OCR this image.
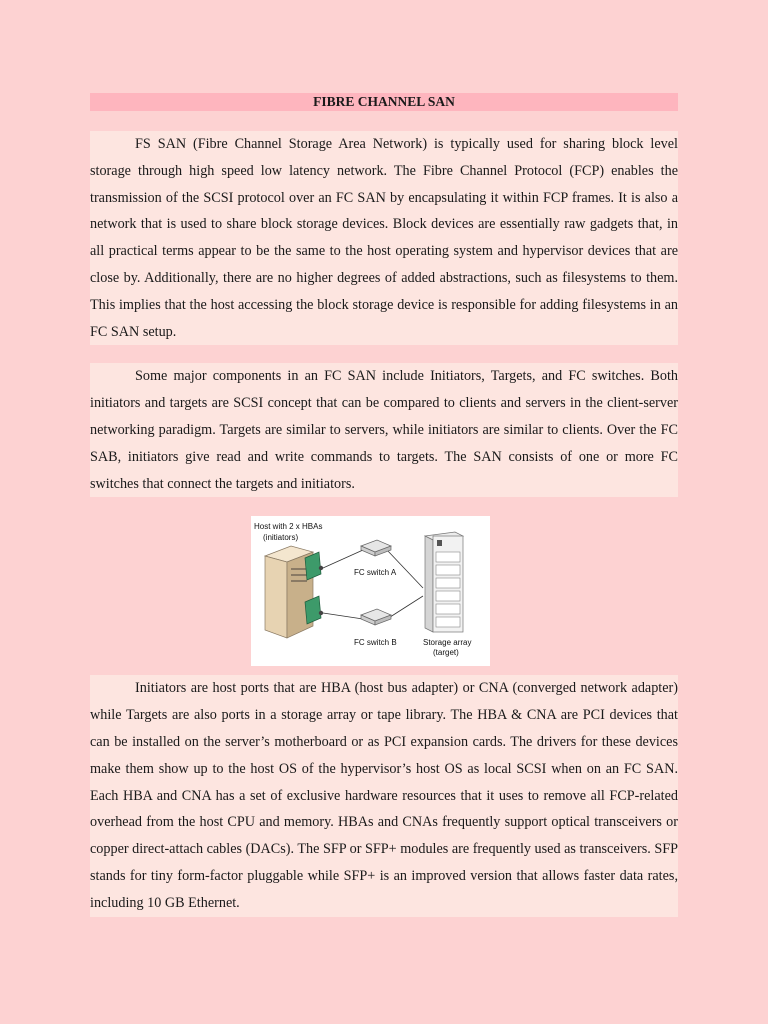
FIBRE CHANNEL SAN

FS SAN (Fibre Channel Storage Area Network) is typically used for sharing block level storage through high speed low latency network. The Fibre Channel Protocol (FCP) enables the transmission of the SCSI protocol over an FC SAN by encapsulating it within FCP frames. It is also a network that is used to share block storage devices. Block devices are essentially raw gadgets that, in all practical terms appear to be the same to the host operating system and hypervisor devices that are close by. Additionally, there are no higher degrees of added abstractions, such as filesystems to them. This implies that the host accessing the block storage device is responsible for adding filesystems in an FC SAN setup.

Some major components in an FC SAN include Initiators, Targets, and FC switches. Both initiators and targets are SCSI concept that can be compared to clients and servers in the client-server networking paradigm. Targets are similar to servers, while initiators are similar to clients. Over the FC SAB, initiators give read and write commands to targets. The SAN consists of one or more FC switches that connect the targets and initiators.

Host with 2 x HBAs
(initiators)
FC switch A
FC switch B	Storage array
(target)

Initiators are host ports that are HBA (host bus adapter) or CNA (converged network adapter) while Targets are also ports in a storage array or tape library. The HBA & CNA are PCI devices that can be installed on the server’s motherboard or as PCI expansion cards. The drivers for these devices make them show up to the host OS of the hypervisor’s host OS as local SCSI when on an FC SAN. Each HBA and CNA has a set of exclusive hardware resources that it uses to remove all FCP-related overhead from the host CPU and memory. HBAs and CNAs frequently support optical transceivers or copper direct-attach cables (DACs). The SFP or SFP+ modules are frequently used as transceivers. SFP stands for tiny form-factor pluggable while SFP+ is an improved version that allows faster data rates, including 10 GB Ethernet.
